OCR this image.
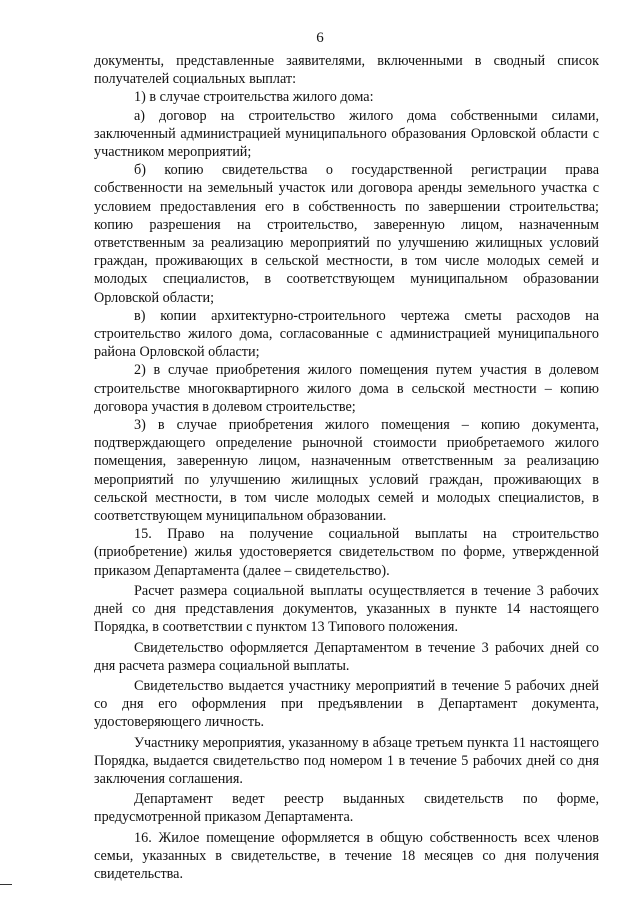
6

документы, представленные заявителями, включенными в сводный список получателей социальных выплат:

1) в случае строительства жилого дома:

а) договор на строительство жилого дома собственными силами, заключенный администрацией муниципального образования Орловской области с участником мероприятий;

б) копию свидетельства о государственной регистрации права собственности на земельный участок или договора аренды земельного участка с условием предоставления его в собственность по завершении строительства; копию разрешения на строительство, заверенную лицом, назначенным ответственным за реализацию мероприятий по улучшению жилищных условий граждан, проживающих в сельской местности, в том числе молодых семей и молодых специалистов, в соответствующем муниципальном образовании Орловской области;

в) копии архитектурно-строительного чертежа сметы расходов на строительство жилого дома, согласованные с администрацией муниципального района Орловской области;

2) в случае приобретения жилого помещения путем участия в долевом строительстве многоквартирного жилого дома в сельской местности – копию договора участия в долевом строительстве;

3) в случае приобретения жилого помещения – копию документа, подтверждающего определение рыночной стоимости приобретаемого жилого помещения, заверенную лицом, назначенным ответственным за реализацию мероприятий по улучшению жилищных условий граждан, проживающих в сельской местности, в том числе молодых семей и молодых специалистов, в соответствующем муниципальном образовании.

15. Право на получение социальной выплаты на строительство (приобретение) жилья удостоверяется свидетельством по форме, утвержденной приказом Департамента (далее – свидетельство).

Расчет размера социальной выплаты осуществляется в течение 3 рабочих дней со дня представления документов, указанных в пункте 14 настоящего Порядка, в соответствии с пунктом 13 Типового положения.

Свидетельство оформляется Департаментом в течение 3 рабочих дней со дня расчета размера социальной выплаты.

Свидетельство выдается участнику мероприятий в течение 5 рабочих дней со дня его оформления при предъявлении в Департамент документа, удостоверяющего личность.

Участнику мероприятия, указанному в абзаце третьем пункта 11 настоящего Порядка, выдается свидетельство под номером 1 в течение 5 рабочих дней со дня заключения соглашения.

Департамент ведет реестр выданных свидетельств по форме, предусмотренной приказом Департамента.

16. Жилое помещение оформляется в общую собственность всех членов семьи, указанных в свидетельстве, в течение 18 месяцев со дня получения свидетельства.
